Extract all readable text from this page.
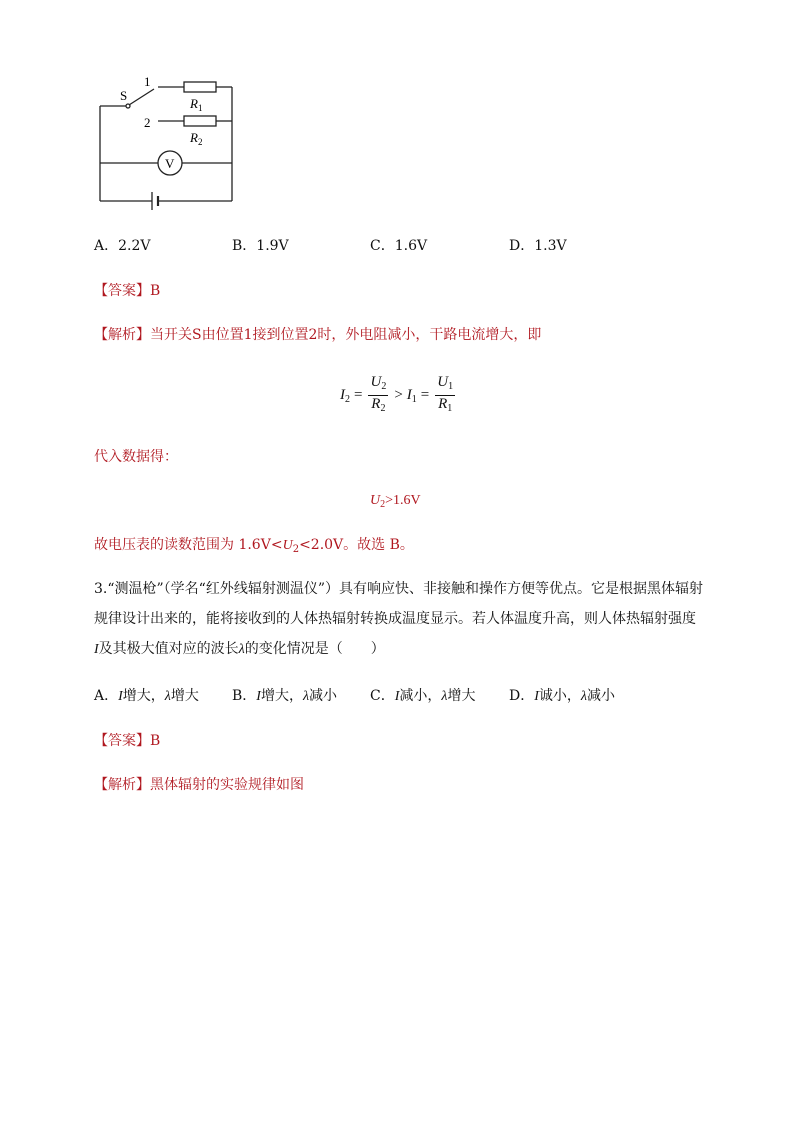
S
1
2
$R_1$
$R_2$
V
A．2.2V	B．1.9V	C．1.6V	D．1.3V
【答案】B
【解析】当开关S由位置1接到位置2时，外电阻减小，干路电流增大，即
$I_2 = \frac{U_2}{R_2} > I_1 = \frac{U_1}{R_1}$
代入数据得：
$U_2>1.6V$
故电压表的读数范围为 $1.6V<U_2<2.0V$。故选 B。
3.“测温枪”（学名“红外线辐射测温仪”）具有响应快、非接触和操作方便等优点。它是根据黑体辐射
规律设计出来的，能将接收到的人体热辐射转换成温度显示。若人体温度升高，则人体热辐射强度
I及其极大值对应的波长λ的变化情况是（　　）
A．I增大，λ增大 B．I增大，λ减小 C．I减小，λ增大 D．I诚小，λ减小
【答案】B
【解析】黑体辐射的实验规律如图
